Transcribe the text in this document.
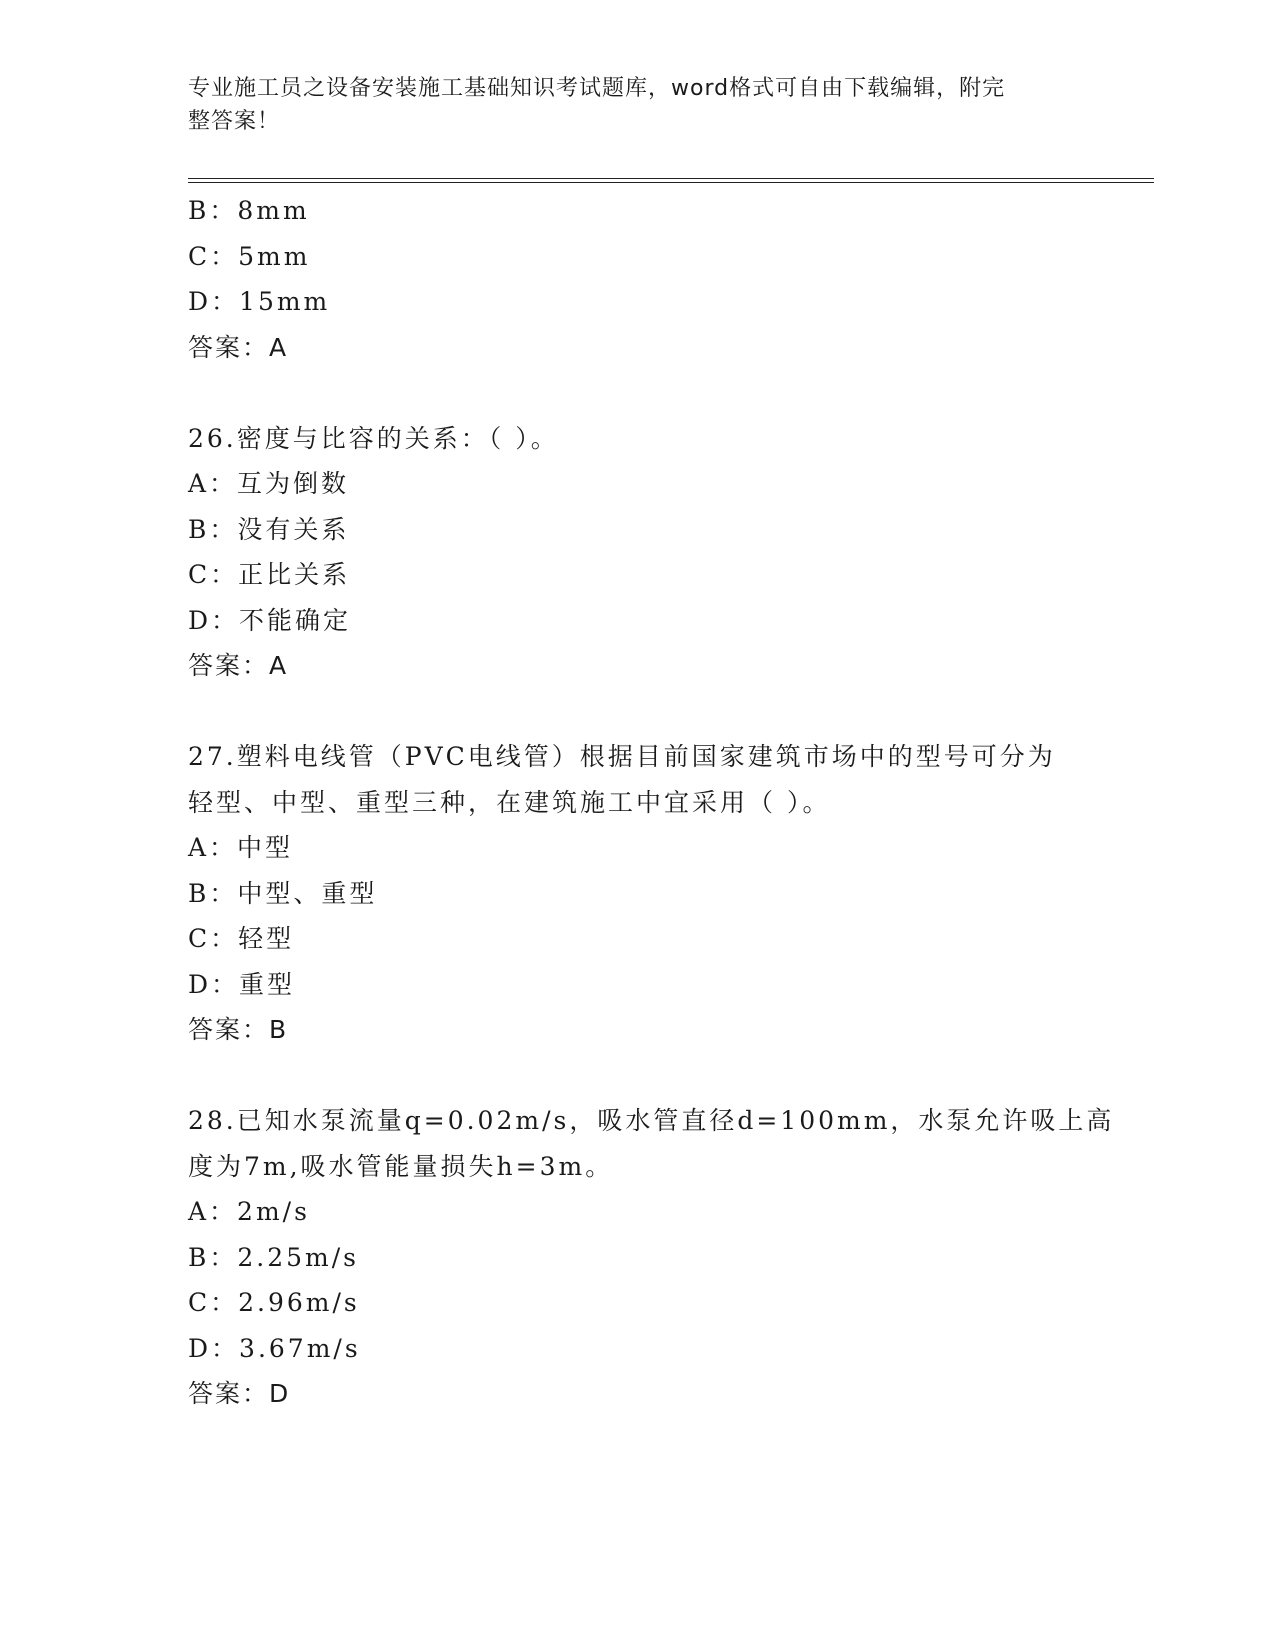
专业施工员之设备安装施工基础知识考试题库，word格式可自由下载编辑，附完
整答案！
B：8mm
C：5mm
D：15mm
答案：A
26.密度与比容的关系：（ ）。
A：互为倒数
B：没有关系
C：正比关系
D：不能确定
答案：A
27.塑料电线管（PVC电线管）根据目前国家建筑市场中的型号可分为
轻型、中型、重型三种，在建筑施工中宜采用（ ）。
A：中型
B：中型、重型
C：轻型
D：重型
答案：B
28.已知水泵流量q=0.02m/s，吸水管直径d=100mm，水泵允许吸上高
度为7m,吸水管能量损失h=3m。
A：2m/s
B：2.25m/s
C：2.96m/s
D：3.67m/s
答案：D
